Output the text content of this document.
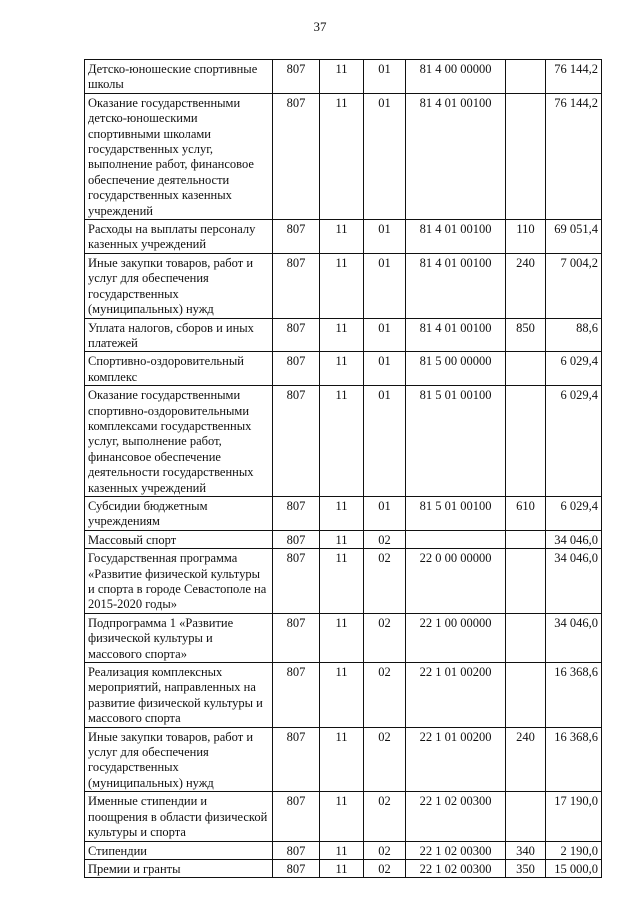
37
Детско-юношеские спортивные школы	807	11	01	81 4 00 00000		76 144,2
Оказание государственными детско-юношескими спортивными школами государственных услуг, выполнение работ, финансовое обеспечение деятельности государственных казенных учреждений	807	11	01	81 4 01 00100		76 144,2
Расходы на выплаты персоналу казенных учреждений	807	11	01	81 4 01 00100	110	69 051,4
Иные закупки товаров, работ и услуг для обеспечения государственных (муниципальных) нужд	807	11	01	81 4 01 00100	240	7 004,2
Уплата налогов, сборов и иных платежей	807	11	01	81 4 01 00100	850	88,6
Спортивно-оздоровительный комплекс	807	11	01	81 5 00 00000		6 029,4
Оказание государственными спортивно-оздоровительными комплексами государственных услуг, выполнение работ, финансовое обеспечение деятельности государственных казенных учреждений	807	11	01	81 5 01 00100		6 029,4
Субсидии бюджетным учреждениям	807	11	01	81 5 01 00100	610	6 029,4
Массовый спорт	807	11	02			34 046,0
Государственная программа «Развитие физической культуры и спорта в городе Севастополе на 2015-2020 годы»	807	11	02	22 0 00 00000		34 046,0
Подпрограмма 1 «Развитие физической культуры и массового спорта»	807	11	02	22 1 00 00000		34 046,0
Реализация комплексных мероприятий, направленных на развитие физической культуры и массового спорта	807	11	02	22 1 01 00200		16 368,6
Иные закупки товаров, работ и услуг для обеспечения государственных (муниципальных) нужд	807	11	02	22 1 01 00200	240	16 368,6
Именные стипендии и поощрения в области физической культуры и спорта	807	11	02	22 1 02 00300		17 190,0
Стипендии	807	11	02	22 1 02 00300	340	2 190,0
Премии и гранты	807	11	02	22 1 02 00300	350	15 000,0
